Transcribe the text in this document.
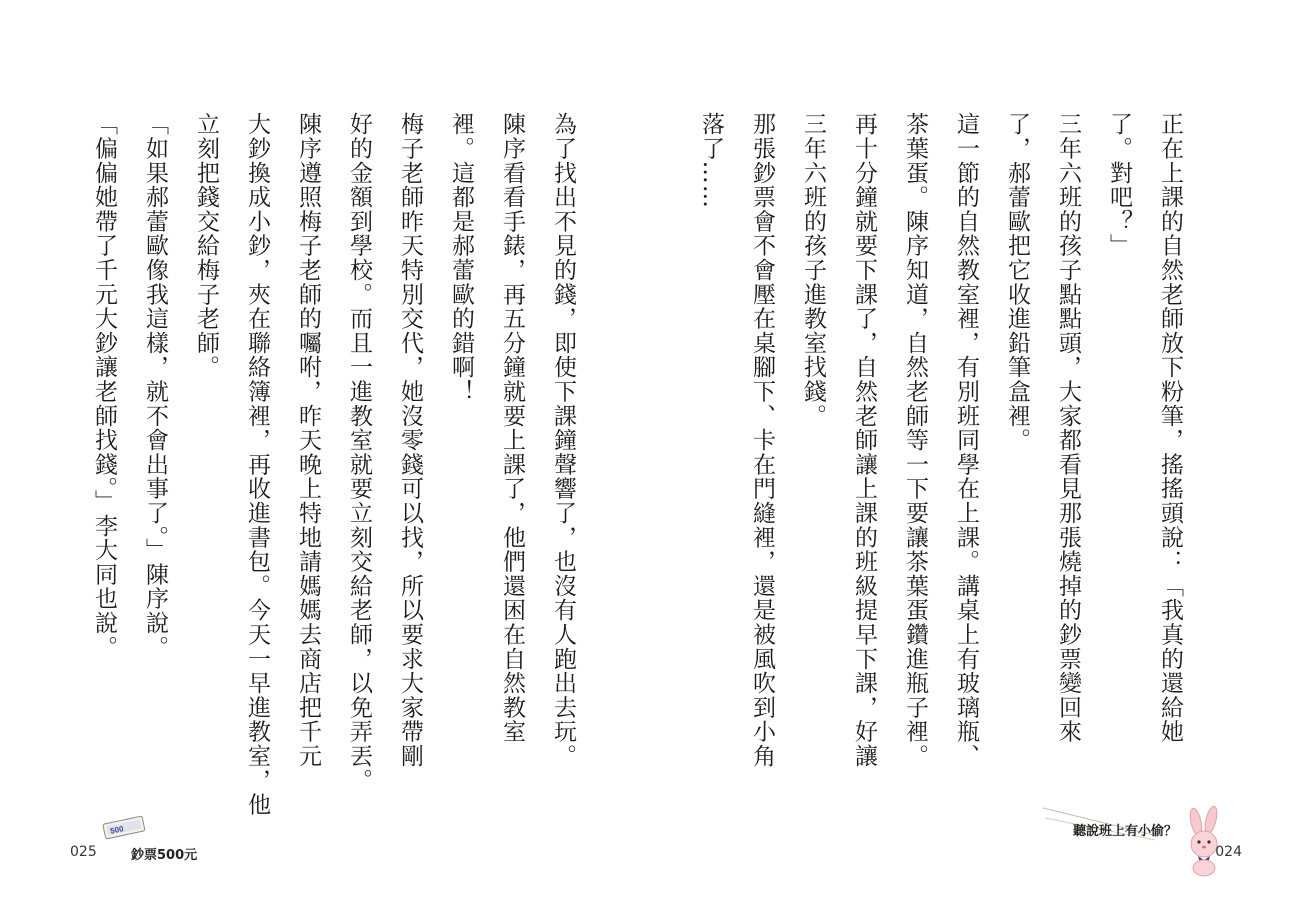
為了找出不見的錢，即使下課鐘聲響了，也沒有人跑出去玩。
陳序看看手錶，再五分鐘就要上課了，他們還困在自然教室
裡。這都是郝蕾歐的錯啊！
梅子老師昨天特別交代，她沒零錢可以找，所以要求大家帶剛
好的金額到學校。而且一進教室就要立刻交給老師，以免弄丟。
陳序遵照梅子老師的囑咐，昨天晚上特地請媽媽去商店把千元
大鈔換成小鈔，夾在聯絡簿裡，再收進書包。今天一早進教室，他
立刻把錢交給梅子老師。
「如果郝蕾歐像我這樣，就不會出事了。」陳序說。
「偏偏她帶了千元大鈔讓老師找錢。」李大同也說。
025
500
鈔票500元
正在上課的自然老師放下粉筆，搖搖頭說：「我真的還給她
了。對吧？」
三年六班的孩子點點頭，大家都看見那張燒掉的鈔票變回來
了，郝蕾歐把它收進鉛筆盒裡。
這一節的自然教室裡，有別班同學在上課。講桌上有玻璃瓶、
茶葉蛋。陳序知道，自然老師等一下要讓茶葉蛋鑽進瓶子裡。
再十分鐘就要下課了，自然老師讓上課的班級提早下課，好讓
三年六班的孩子進教室找錢。
那張鈔票會不會壓在桌腳下、卡在門縫裡，還是被風吹到小角
落了……
聽說班上有小偷？
024
